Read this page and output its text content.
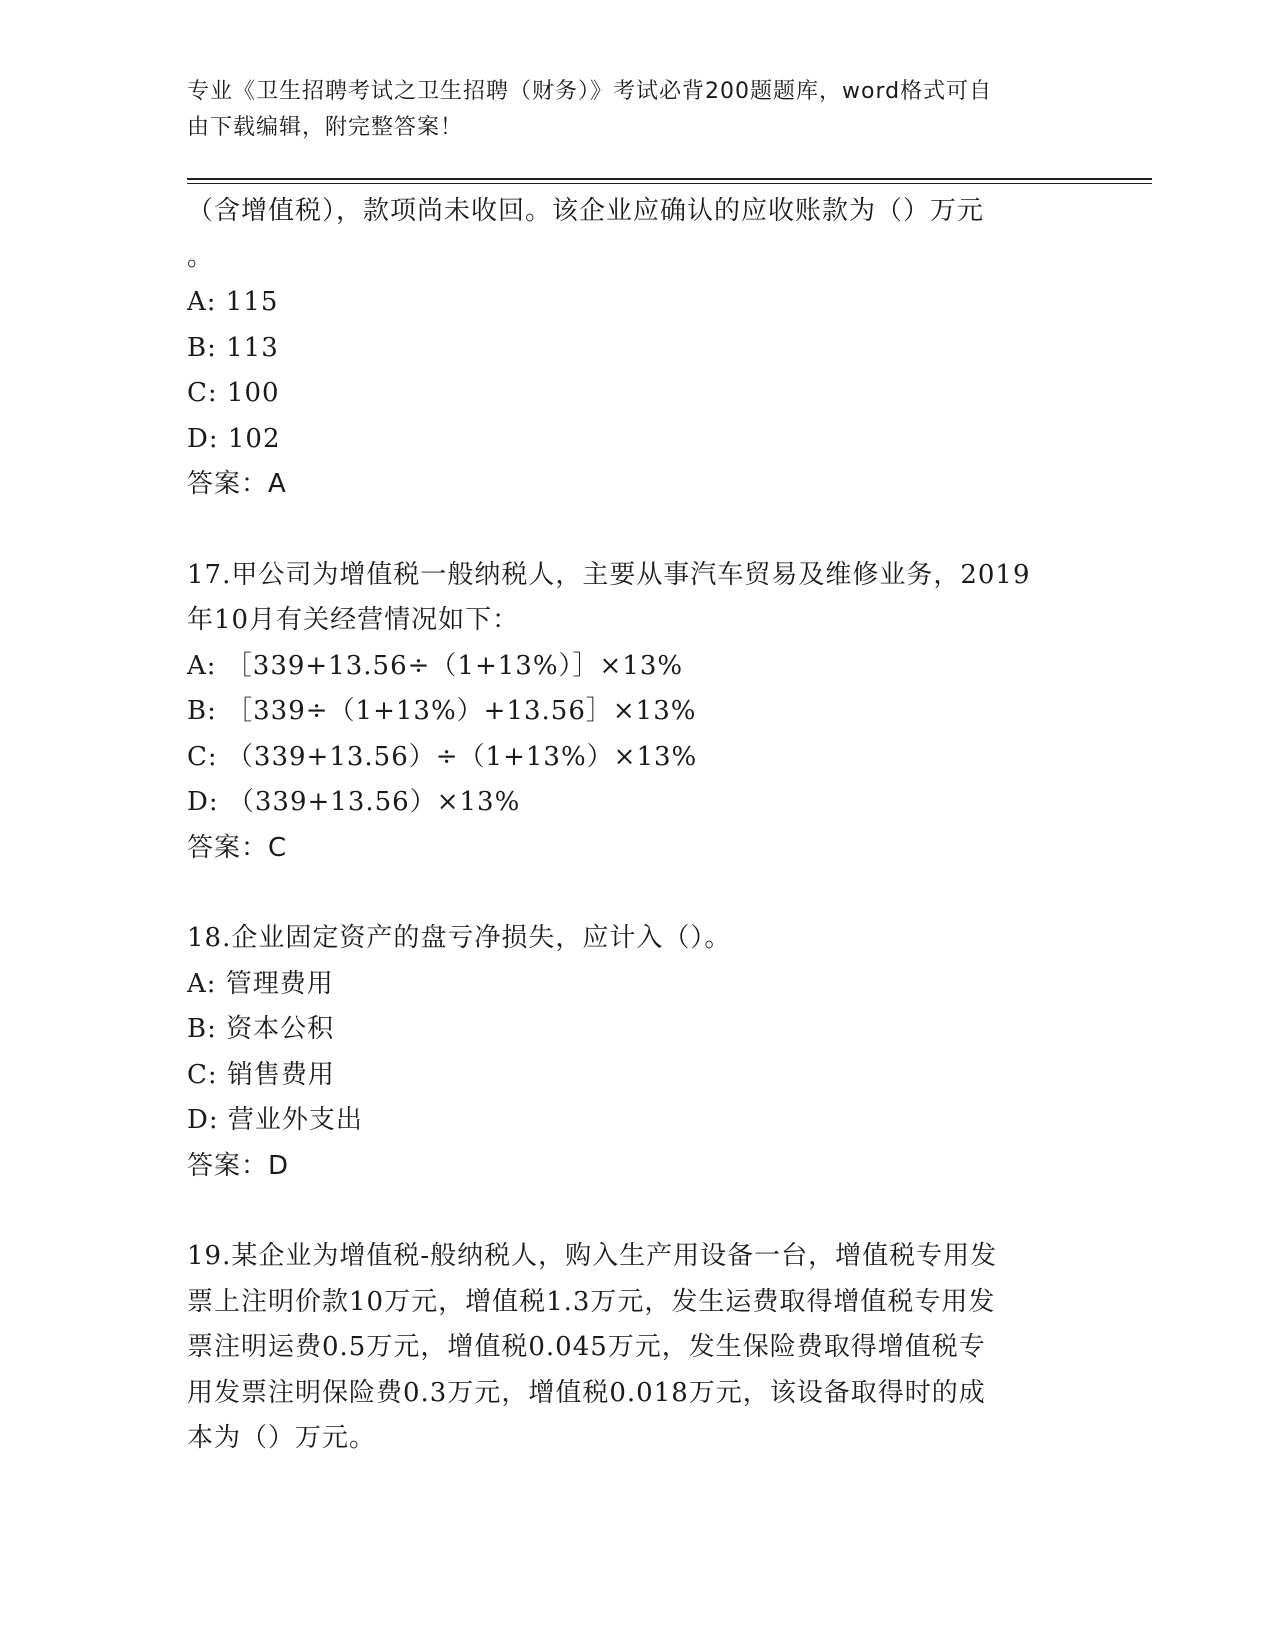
专业《卫生招聘考试之卫生招聘（财务）》考试必背200题题库，word格式可自
由下载编辑，附完整答案！
（含增值税），款项尚未收回。该企业应确认的应收账款为（）万元
。
A: 115
B: 113
C: 100
D: 102
答案：A
17.甲公司为增值税一般纳税人，主要从事汽车贸易及维修业务，2019
年10月有关经营情况如下：
A: ［339+13.56÷（1+13%）］×13%
B: ［339÷（1+13%）+13.56］×13%
C: （339+13.56）÷（1+13%）×13%
D: （339+13.56）×13%
答案：C
18.企业固定资产的盘亏净损失，应计入（）。
A: 管理费用
B: 资本公积
C: 销售费用
D: 营业外支出
答案：D
19.某企业为增值税-般纳税人，购入生产用设备一台，增值税专用发
票上注明价款10万元，增值税1.3万元，发生运费取得增值税专用发
票注明运费0.5万元，增值税0.045万元，发生保险费取得增值税专
用发票注明保险费0.3万元，增值税0.018万元，该设备取得时的成
本为（）万元。
